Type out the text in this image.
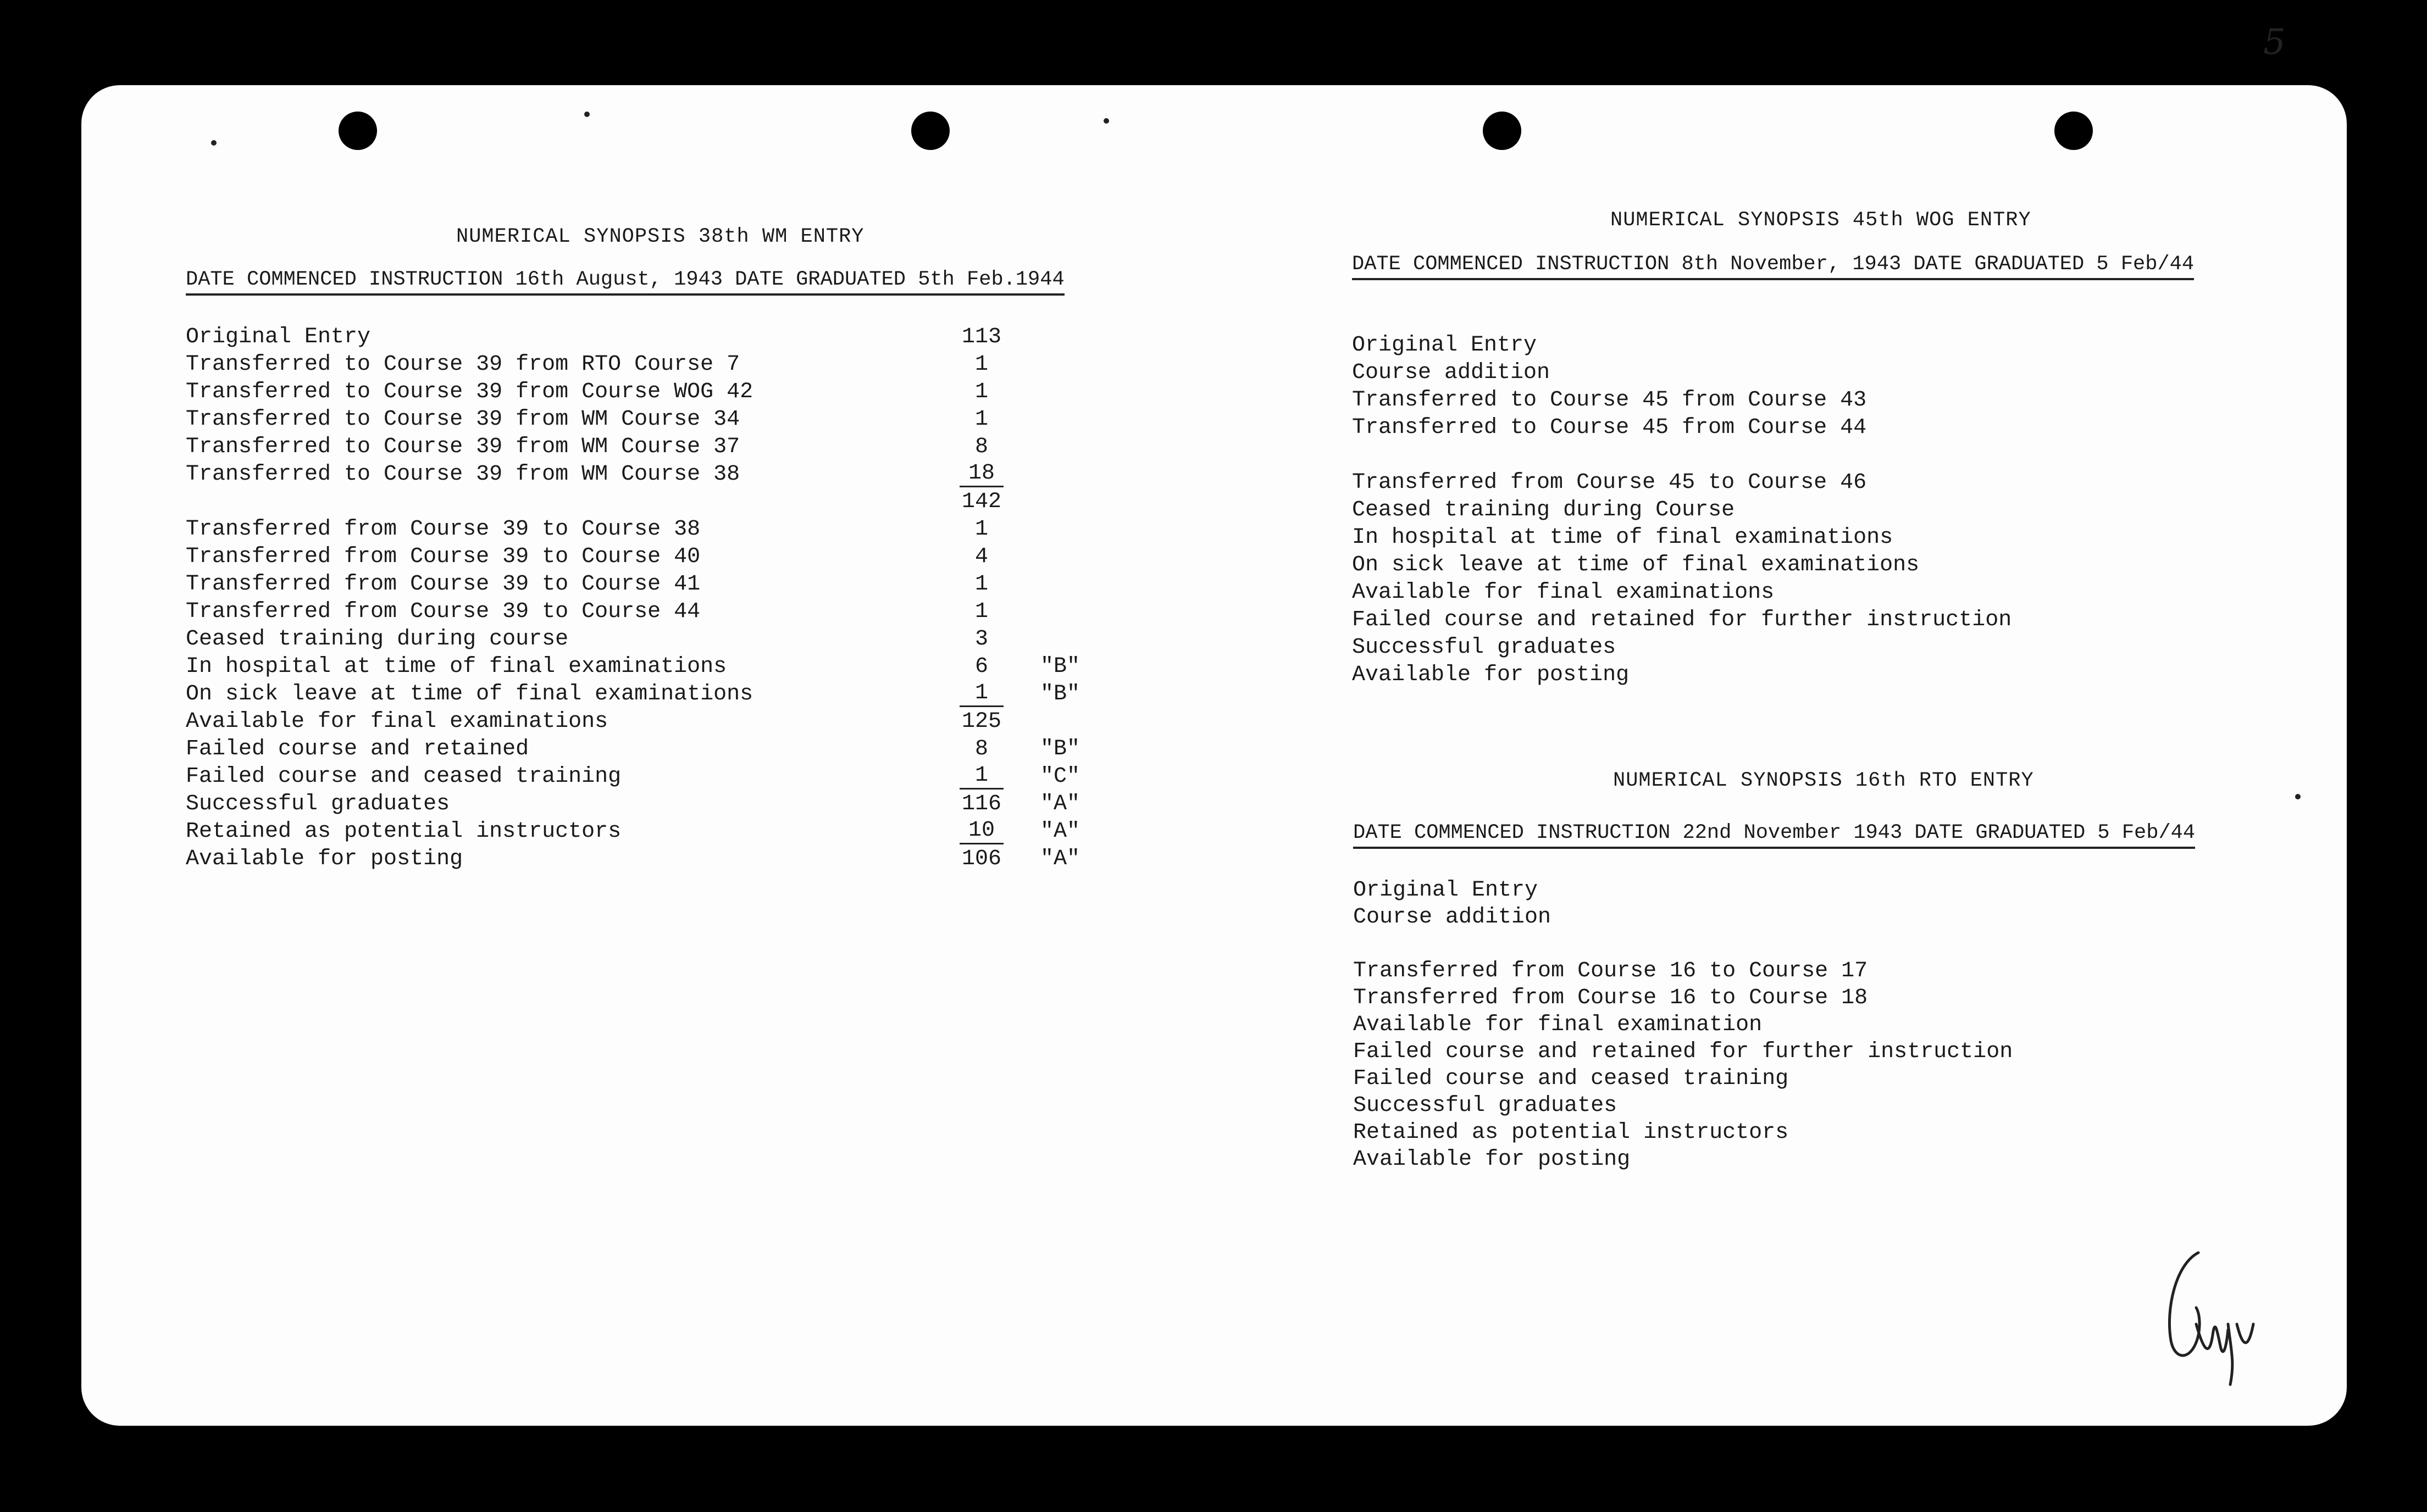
5
NUMERICAL SYNOPSIS 38th WM ENTRY
DATE COMMENCED INSTRUCTION 16th August, 1943 DATE GRADUATED 5th Feb.1944
Original Entry	113
Transferred to Course 39 from RTO Course 7	1
Transferred to Course 39 from Course WOG 42	1
Transferred to Course 39 from WM Course 34	1
Transferred to Course 39 from WM Course 37	8
Transferred to Course 39 from WM Course 38	18
142
Transferred from Course 39 to Course 38	1
Transferred from Course 39 to Course 40	4
Transferred from Course 39 to Course 41	1
Transferred from Course 39 to Course 44	1
Ceased training during course	3
In hospital at time of final examinations	6	"B"
On sick leave at time of final examinations	1	"B"
Available for final examinations	125
Failed course and retained	8	"B"
Failed course and ceased training	1	"C"
Successful graduates	116 "A"
Retained as potential instructors	10	"A"
Available for posting	106 "A"
NUMERICAL SYNOPSIS 45th WOG ENTRY
DATE COMMENCED INSTRUCTION 8th November, 1943 DATE GRADUATED 5 Feb/44
Original Entry
Course addition
Transferred to Course 45 from Course 43
Transferred to Course 45 from Course 44
Transferred from Course 45 to Course 46
Ceased training during Course
In hospital at time of final examinations
On sick leave at time of final examinations
Available for final examinations
Failed course and retained for further instruction
Successful graduates
Available for posting
NUMERICAL SYNOPSIS 16th RTO ENTRY
DATE COMMENCED INSTRUCTION 22nd November 1943 DATE GRADUATED 5 Feb/44
Original Entry
Course addition
Transferred from Course 16 to Course 17
Transferred from Course 16 to Course 18
Available for final examination
Failed course and retained for further instruction
Failed course and ceased training
Successful graduates
Retained as potential instructors
Available for posting
